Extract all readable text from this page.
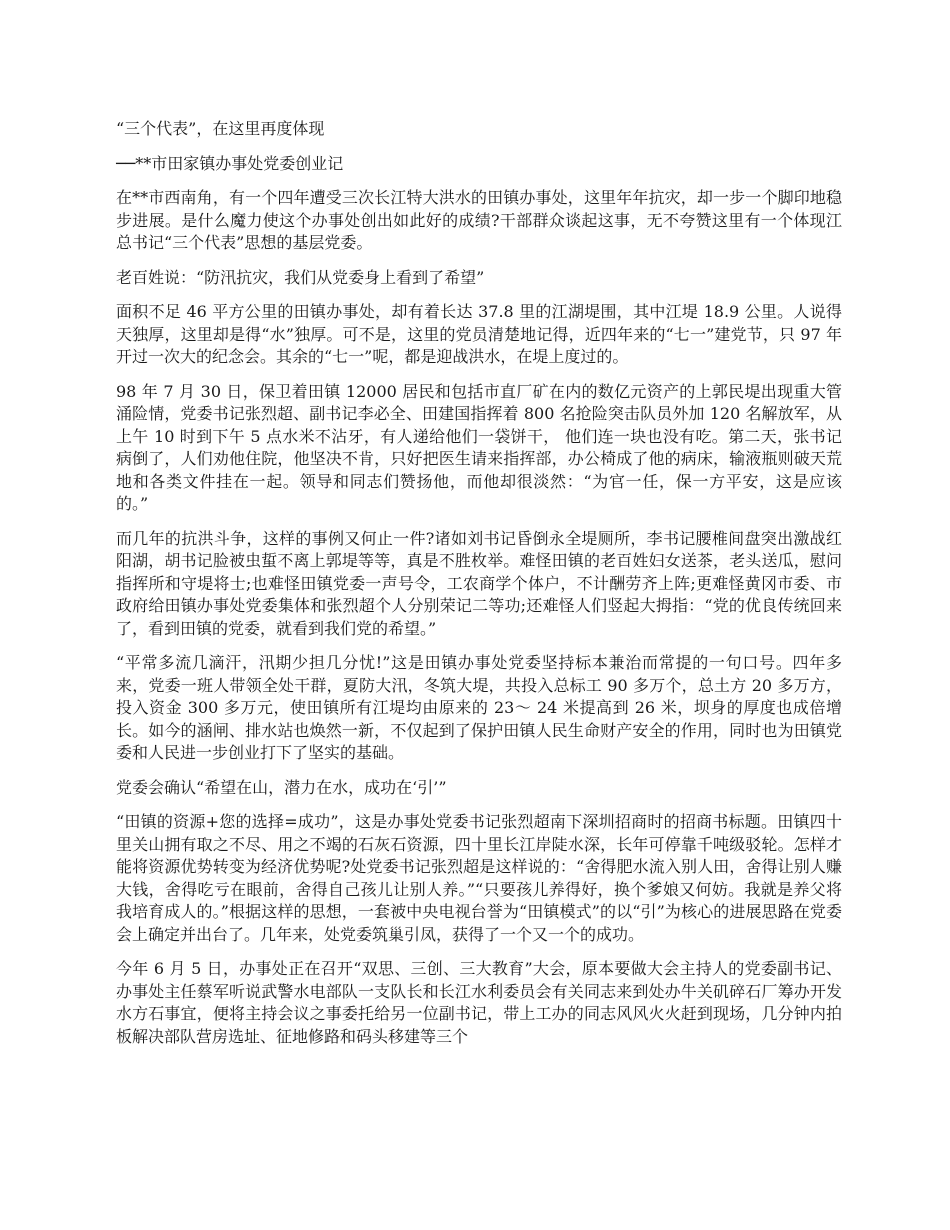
“三个代表”，在这里再度体现

──**市田家镇办事处党委创业记

在**市西南角，有一个四年遭受三次长江特大洪水的田镇办事处，这里年年抗灾，却一步一个脚印地稳步进展。是什么魔力使这个办事处创出如此好的成绩?干部群众谈起这事，无不夸赞这里有一个体现江总书记“三个代表”思想的基层党委。

老百姓说：“防汛抗灾，我们从党委身上看到了希望”

面积不足 46 平方公里的田镇办事处，却有着长达 37.8 里的江湖堤围，其中江堤 18.9 公里。人说得天独厚，这里却是得“水”独厚。可不是，这里的党员清楚地记得，近四年来的“七一”建党节，只 97 年开过一次大的纪念会。其余的“七一”呢，都是迎战洪水，在堤上度过的。

98 年 7 月 30 日，保卫着田镇 12000 居民和包括市直厂矿在内的数亿元资产的上郭民堤出现重大管涌险情，党委书记张烈超、副书记李必全、田建国指挥着 800 名抢险突击队员外加 120 名解放军，从上午 10 时到下午 5 点水米不沾牙，有人递给他们一袋饼干， 他们连一块也没有吃。第二天，张书记病倒了，人们劝他住院，他坚决不肯，只好把医生请来指挥部，办公椅成了他的病床，输液瓶则破天荒地和各类文件挂在一起。领导和同志们赞扬他，而他却很淡然：“为官一任，保一方平安，这是应该的。”

而几年的抗洪斗争，这样的事例又何止一件?诸如刘书记昏倒永全堤厕所，李书记腰椎间盘突出激战红阳湖，胡书记脸被虫蜇不离上郭堤等等，真是不胜枚举。难怪田镇的老百姓妇女送茶，老头送瓜，慰问指挥所和守堤将士;也难怪田镇党委一声号令，工农商学个体户，不计酬劳齐上阵;更难怪黄冈市委、市政府给田镇办事处党委集体和张烈超个人分别荣记二等功;还难怪人们竖起大拇指：“党的优良传统回来了，看到田镇的党委，就看到我们党的希望。”

“平常多流几滴汗，汛期少担几分忧!”这是田镇办事处党委坚持标本兼治而常提的一句口号。四年多来，党委一班人带领全处干群，夏防大汛，冬筑大堤，共投入总标工 90 多万个，总土方 20 多万方，投入资金 300 多万元，使田镇所有江堤均由原来的 23～ 24 米提高到 26 米，坝身的厚度也成倍增长。如今的涵闸、排水站也焕然一新，不仅起到了保护田镇人民生命财产安全的作用，同时也为田镇党委和人民进一步创业打下了坚实的基础。

党委会确认“希望在山，潜力在水，成功在‘引’”

“田镇的资源+您的选择=成功”，这是办事处党委书记张烈超南下深圳招商时的招商书标题。田镇四十里关山拥有取之不尽、用之不竭的石灰石资源，四十里长江岸陡水深，长年可停靠千吨级驳轮。怎样才能将资源优势转变为经济优势呢?处党委书记张烈超是这样说的：“舍得肥水流入别人田，舍得让别人赚大钱，舍得吃亏在眼前，舍得自己孩儿让别人养。”“只要孩儿养得好，换个爹娘又何妨。我就是养父将我培育成人的。”根据这样的思想，一套被中央电视台誉为“田镇模式”的以“引”为核心的进展思路在党委会上确定并出台了。几年来，处党委筑巢引凤，获得了一个又一个的成功。

今年 6 月 5 日，办事处正在召开“双思、三创、三大教育”大会，原本要做大会主持人的党委副书记、办事处主任蔡军听说武警水电部队一支队长和长江水利委员会有关同志来到处办牛关矶碎石厂筹办开发水方石事宜，便将主持会议之事委托给另一位副书记，带上工办的同志风风火火赶到现场，几分钟内拍板解决部队营房选址、征地修路和码头移建等三个
